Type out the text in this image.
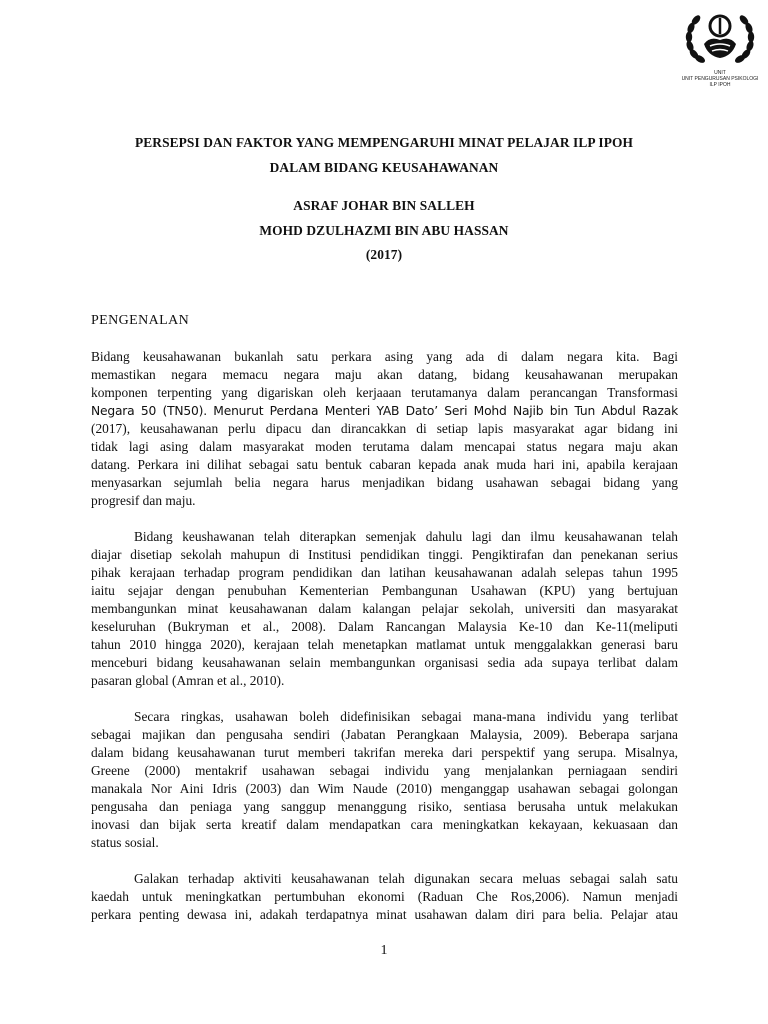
UNIT
UNIT PENGURUSAN PSIKOLOGI
ILP IPOH
PERSEPSI DAN FAKTOR YANG MEMPENGARUHI MINAT PELAJAR ILP IPOH
DALAM BIDANG KEUSAHAWANAN
ASRAF JOHAR BIN SALLEH
MOHD DZULHAZMI BIN ABU HASSAN
(2017)
PENGENALAN
Bidang keusahawanan bukanlah satu perkara asing yang ada di dalam negara kita. Bagi
memastikan negara memacu negara maju akan datang, bidang keusahawanan merupakan
komponen terpenting yang digariskan oleh kerjaaan terutamanya dalam perancangan Transformasi
Negara 50 (TN50). Menurut Perdana Menteri YAB Dato’ Seri Mohd Najib bin Tun Abdul Razak
(2017), keusahawanan perlu dipacu dan dirancakkan di setiap lapis masyarakat agar bidang ini
tidak lagi asing dalam masyarakat moden terutama dalam mencapai status negara maju akan
datang. Perkara ini dilihat sebagai satu bentuk cabaran kepada anak muda hari ini, apabila kerajaan
menyasarkan sejumlah belia negara harus menjadikan bidang usahawan sebagai bidang yang
progresif dan maju.
Bidang keushawanan telah diterapkan semenjak dahulu lagi dan ilmu keusahawanan telah
diajar disetiap sekolah mahupun di Institusi pendidikan tinggi. Pengiktirafan dan penekanan serius
pihak kerajaan terhadap program pendidikan dan latihan keusahawanan adalah selepas tahun 1995
iaitu sejajar dengan penubuhan Kementerian Pembangunan Usahawan (KPU) yang bertujuan
membangunkan minat keusahawanan dalam kalangan pelajar sekolah, universiti dan masyarakat
keseluruhan (Bukryman et al., 2008). Dalam Rancangan Malaysia Ke-10 dan Ke-11(meliputi
tahun 2010 hingga 2020), kerajaan telah menetapkan matlamat untuk menggalakkan generasi baru
menceburi bidang keusahawanan selain membangunkan organisasi sedia ada supaya terlibat dalam
pasaran global (Amran et al., 2010).
Secara ringkas, usahawan boleh didefinisikan sebagai mana-mana individu yang terlibat
sebagai majikan dan pengusaha sendiri (Jabatan Perangkaan Malaysia, 2009). Beberapa sarjana
dalam bidang keusahawanan turut memberi takrifan mereka dari perspektif yang serupa. Misalnya,
Greene (2000) mentakrif usahawan sebagai individu yang menjalankan perniagaan sendiri
manakala Nor Aini Idris (2003) dan Wim Naude (2010) menganggap usahawan sebagai golongan
pengusaha dan peniaga yang sanggup menanggung risiko, sentiasa berusaha untuk melakukan
inovasi dan bijak serta kreatif dalam mendapatkan cara meningkatkan kekayaan, kekuasaan dan
status sosial.
Galakan terhadap aktiviti keusahawanan telah digunakan secara meluas sebagai salah satu
kaedah untuk meningkatkan pertumbuhan ekonomi (Raduan Che Ros,2006). Namun menjadi
perkara penting dewasa ini, adakah terdapatnya minat usahawan dalam diri para belia. Pelajar atau
1
